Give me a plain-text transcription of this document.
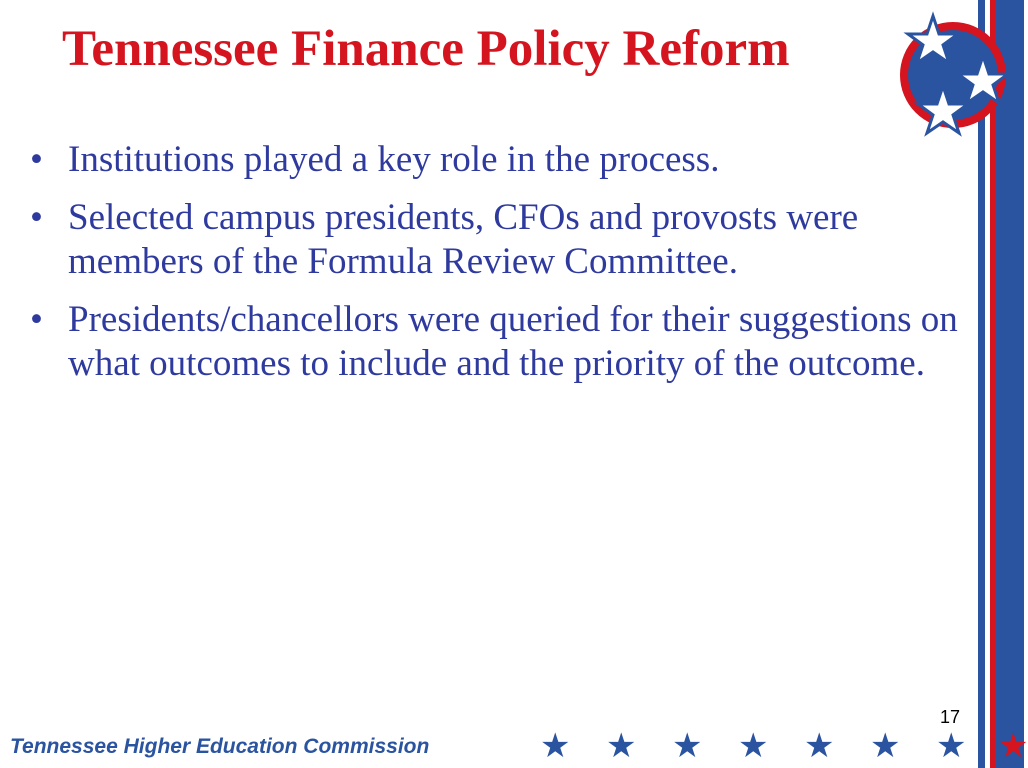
Tennessee Finance Policy Reform
• Institutions played a key role in the process.
• Selected campus presidents, CFOs and provosts were members of the Formula Review Committee.
• Presidents/chancellors were queried for their suggestions on what outcomes to include and the priority of the outcome.
17
Tennessee Higher Education Commission	★ ★ ★ ★ ★ ★ ★ ★
